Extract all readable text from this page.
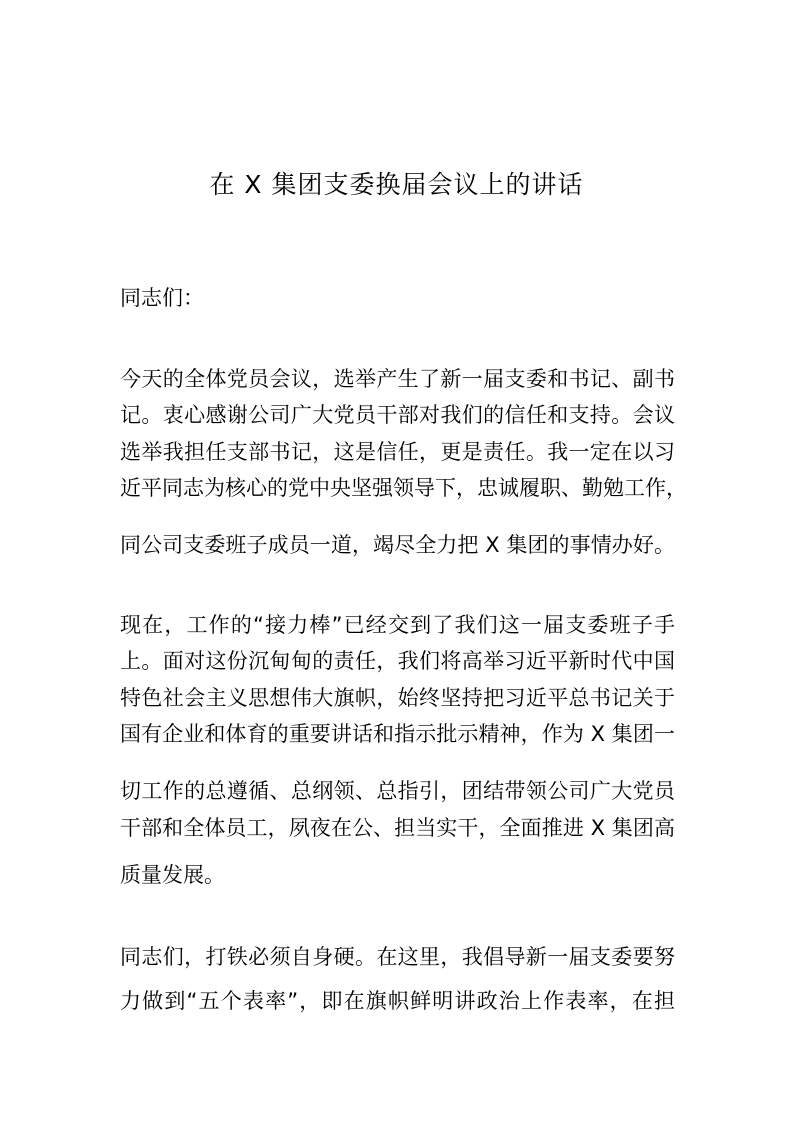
在 X 集团支委换届会议上的讲话

同志们：

今天的全体党员会议，选举产生了新一届支委和书记、副书

记。衷心感谢公司广大党员干部对我们的信任和支持。会议

选举我担任支部书记，这是信任，更是责任。我一定在以习

近平同志为核心的党中央坚强领导下，忠诚履职、勤勉工作，

同公司支委班子成员一道，竭尽全力把 X 集团的事情办好。

现在，工作的“接力棒”已经交到了我们这一届支委班子手

上。面对这份沉甸甸的责任，我们将高举习近平新时代中国

特色社会主义思想伟大旗帜，始终坚持把习近平总书记关于

国有企业和体育的重要讲话和指示批示精神，作为 X 集团一

切工作的总遵循、总纲领、总指引，团结带领公司广大党员

干部和全体员工，夙夜在公、担当实干，全面推进 X 集团高

质量发展。

同志们，打铁必须自身硬。在这里，我倡导新一届支委要努

力做到“五个表率”，即在旗帜鲜明讲政治上作表率，在担
